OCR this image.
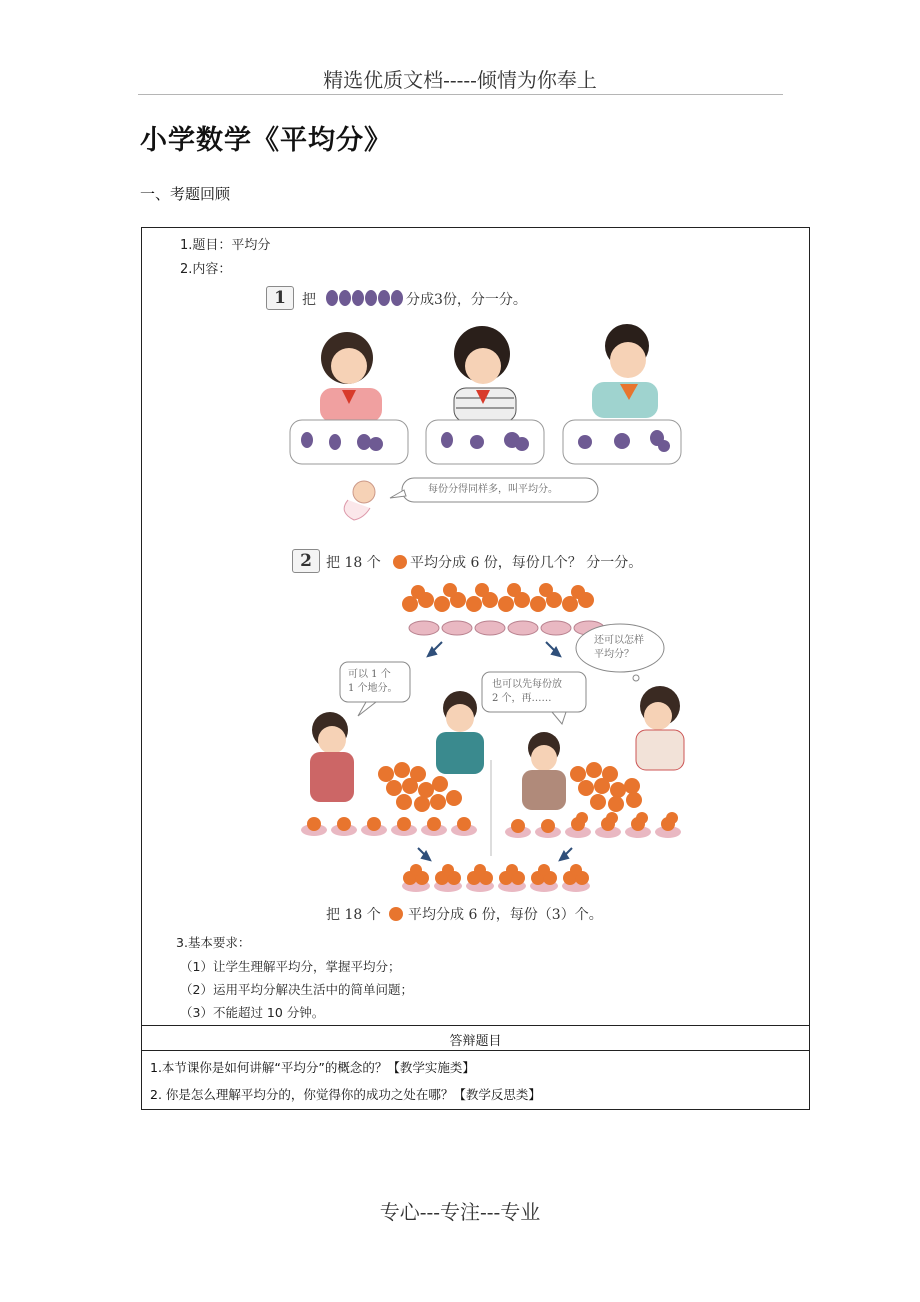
精选优质文档-----倾情为你奉上
小学数学《平均分》
一、考题回顾
1.题目：平均分
2.内容：
1	把	分成3份，分一分。
每份分得同样多，叫平均分。
2	把 18 个 平均分成 6 份，每份几个？ 分一分。
可以 1 个
1 个地分。	也可以先每份放
2 个，再……
还可以怎样
平均分？
把 18 个 平均分成 6 份，每份（3）个。
3.基本要求：
（1）让学生理解平均分，掌握平均分；
（2）运用平均分解决生活中的简单问题；
（3）不能超过 10 分钟。
答辩题目
1.本节课你是如何讲解“平均分”的概念的？【教学实施类】
2. 你是怎么理解平均分的，你觉得你的成功之处在哪？【教学反思类】
专心---专注---专业
